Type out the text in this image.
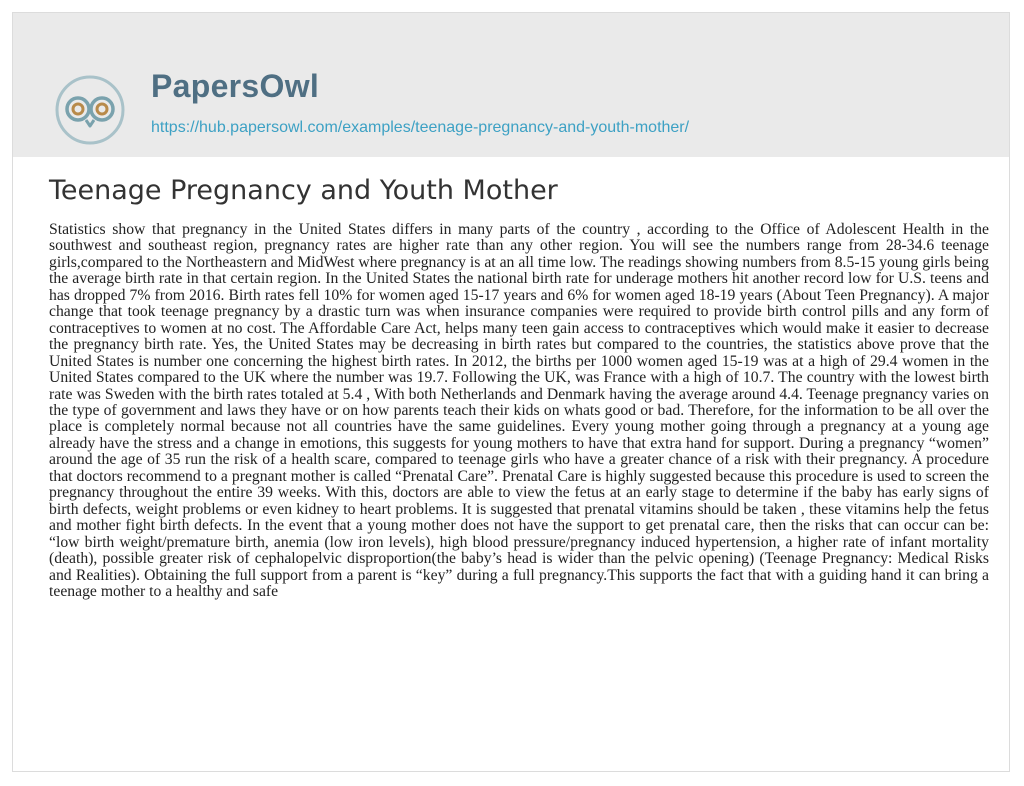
PapersOwl
https://hub.papersowl.com/examples/teenage-pregnancy-and-youth-mother/
Teenage Pregnancy and Youth Mother

Statistics show that pregnancy in the United States differs in many parts of the country , according to the Office of Adolescent Health in the southwest and southeast region, pregnancy rates are higher rate than any other region. You will see the numbers range from 28-34.6 teenage girls,compared to the Northeastern and MidWest where pregnancy is at an all time low. The readings showing numbers from 8.5-15 young girls being the average birth rate in that certain region. In the United States the national birth rate for underage mothers hit another record low for U.S. teens and has dropped 7% from 2016. Birth rates fell 10% for women aged 15-17 years and 6% for women aged 18-19 years (About Teen Pregnancy). A major change that took teenage pregnancy by a drastic turn was when insurance companies were required to provide birth control pills and any form of contraceptives to women at no cost. The Affordable Care Act, helps many teen gain access to contraceptives which would make it easier to decrease the pregnancy birth rate. Yes, the United States may be decreasing in birth rates but compared to the countries, the statistics above prove that the United States is number one concerning the highest birth rates. In 2012, the births per 1000 women aged 15-19 was at a high of 29.4 women in the United States compared to the UK where the number was 19.7. Following the UK, was France with a high of 10.7. The country with the lowest birth rate was Sweden with the birth rates totaled at 5.4 , With both Netherlands and Denmark having the average around 4.4. Teenage pregnancy varies on the type of government and laws they have or on how parents teach their kids on whats good or bad. Therefore, for the information to be all over the place is completely normal because not all countries have the same guidelines. Every young mother going through a pregnancy at a young age already have the stress and a change in emotions, this suggests for young mothers to have that extra hand for support. During a pregnancy “women” around the age of 35 run the risk of a health scare, compared to teenage girls who have a greater chance of a risk with their pregnancy. A procedure that doctors recommend to a pregnant mother is called “Prenatal Care”. Prenatal Care is highly suggested because this procedure is used to screen the pregnancy throughout the entire 39 weeks. With this, doctors are able to view the fetus at an early stage to determine if the baby has early signs of birth defects, weight problems or even kidney to heart problems. It is suggested that prenatal vitamins should be taken , these vitamins help the fetus and mother fight birth defects. In the event that a young mother does not have the support to get prenatal care, then the risks that can occur can be: “low birth weight/premature birth, anemia (low iron levels), high blood pressure/pregnancy induced hypertension, a higher rate of infant mortality (death), possible greater risk of cephalopelvic disproportion(the baby’s head is wider than the pelvic opening) (Teenage Pregnancy: Medical Risks and Realities). Obtaining the full support from a parent is “key” during a full pregnancy.This supports the fact that with a guiding hand it can bring a teenage mother to a healthy and safe
